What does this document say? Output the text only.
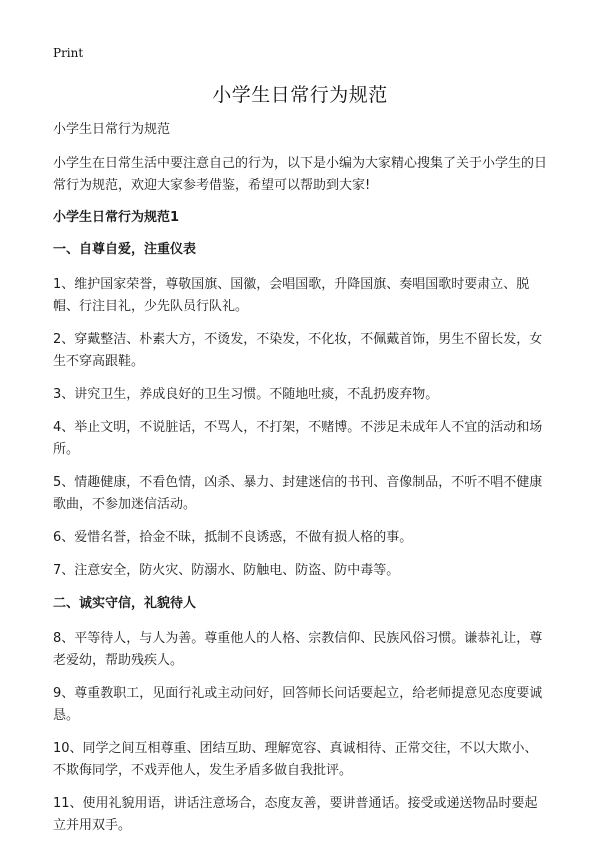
Print
小学生日常行为规范

小学生日常行为规范

小学生在日常生活中要注意自己的行为，以下是小编为大家精心搜集了关于小学生的日常行为规范，欢迎大家参考借鉴，希望可以帮助到大家!

小学生日常行为规范1

一、自尊自爱，注重仪表

1、维护国家荣誉，尊敬国旗、国徽，会唱国歌，升降国旗、奏唱国歌时要肃立、脱帽、行注目礼，少先队员行队礼。

2、穿戴整洁、朴素大方，不烫发，不染发，不化妆，不佩戴首饰，男生不留长发，女生不穿高跟鞋。

3、讲究卫生，养成良好的卫生习惯。不随地吐痰，不乱扔废弃物。

4、举止文明，不说脏话，不骂人，不打架，不赌博。不涉足未成年人不宜的活动和场所。

5、情趣健康，不看色情，凶杀、暴力、封建迷信的书刊、音像制品，不听不唱不健康歌曲，不参加迷信活动。

6、爱惜名誉，拾金不昧，抵制不良诱惑，不做有损人格的事。

7、注意安全，防火灾、防溺水、防触电、防盗、防中毒等。

二、诚实守信，礼貌待人

8、平等待人，与人为善。尊重他人的人格、宗教信仰、民族风俗习惯。谦恭礼让，尊老爱幼，帮助残疾人。

9、尊重教职工，见面行礼或主动问好，回答师长问话要起立，给老师提意见态度要诚恳。

10、同学之间互相尊重、团结互助、理解宽容、真诚相待、正常交往，不以大欺小、不欺侮同学，不戏弄他人，发生矛盾多做自我批评。

11、使用礼貌用语，讲话注意场合，态度友善，要讲普通话。接受或递送物品时要起立并用双手。
